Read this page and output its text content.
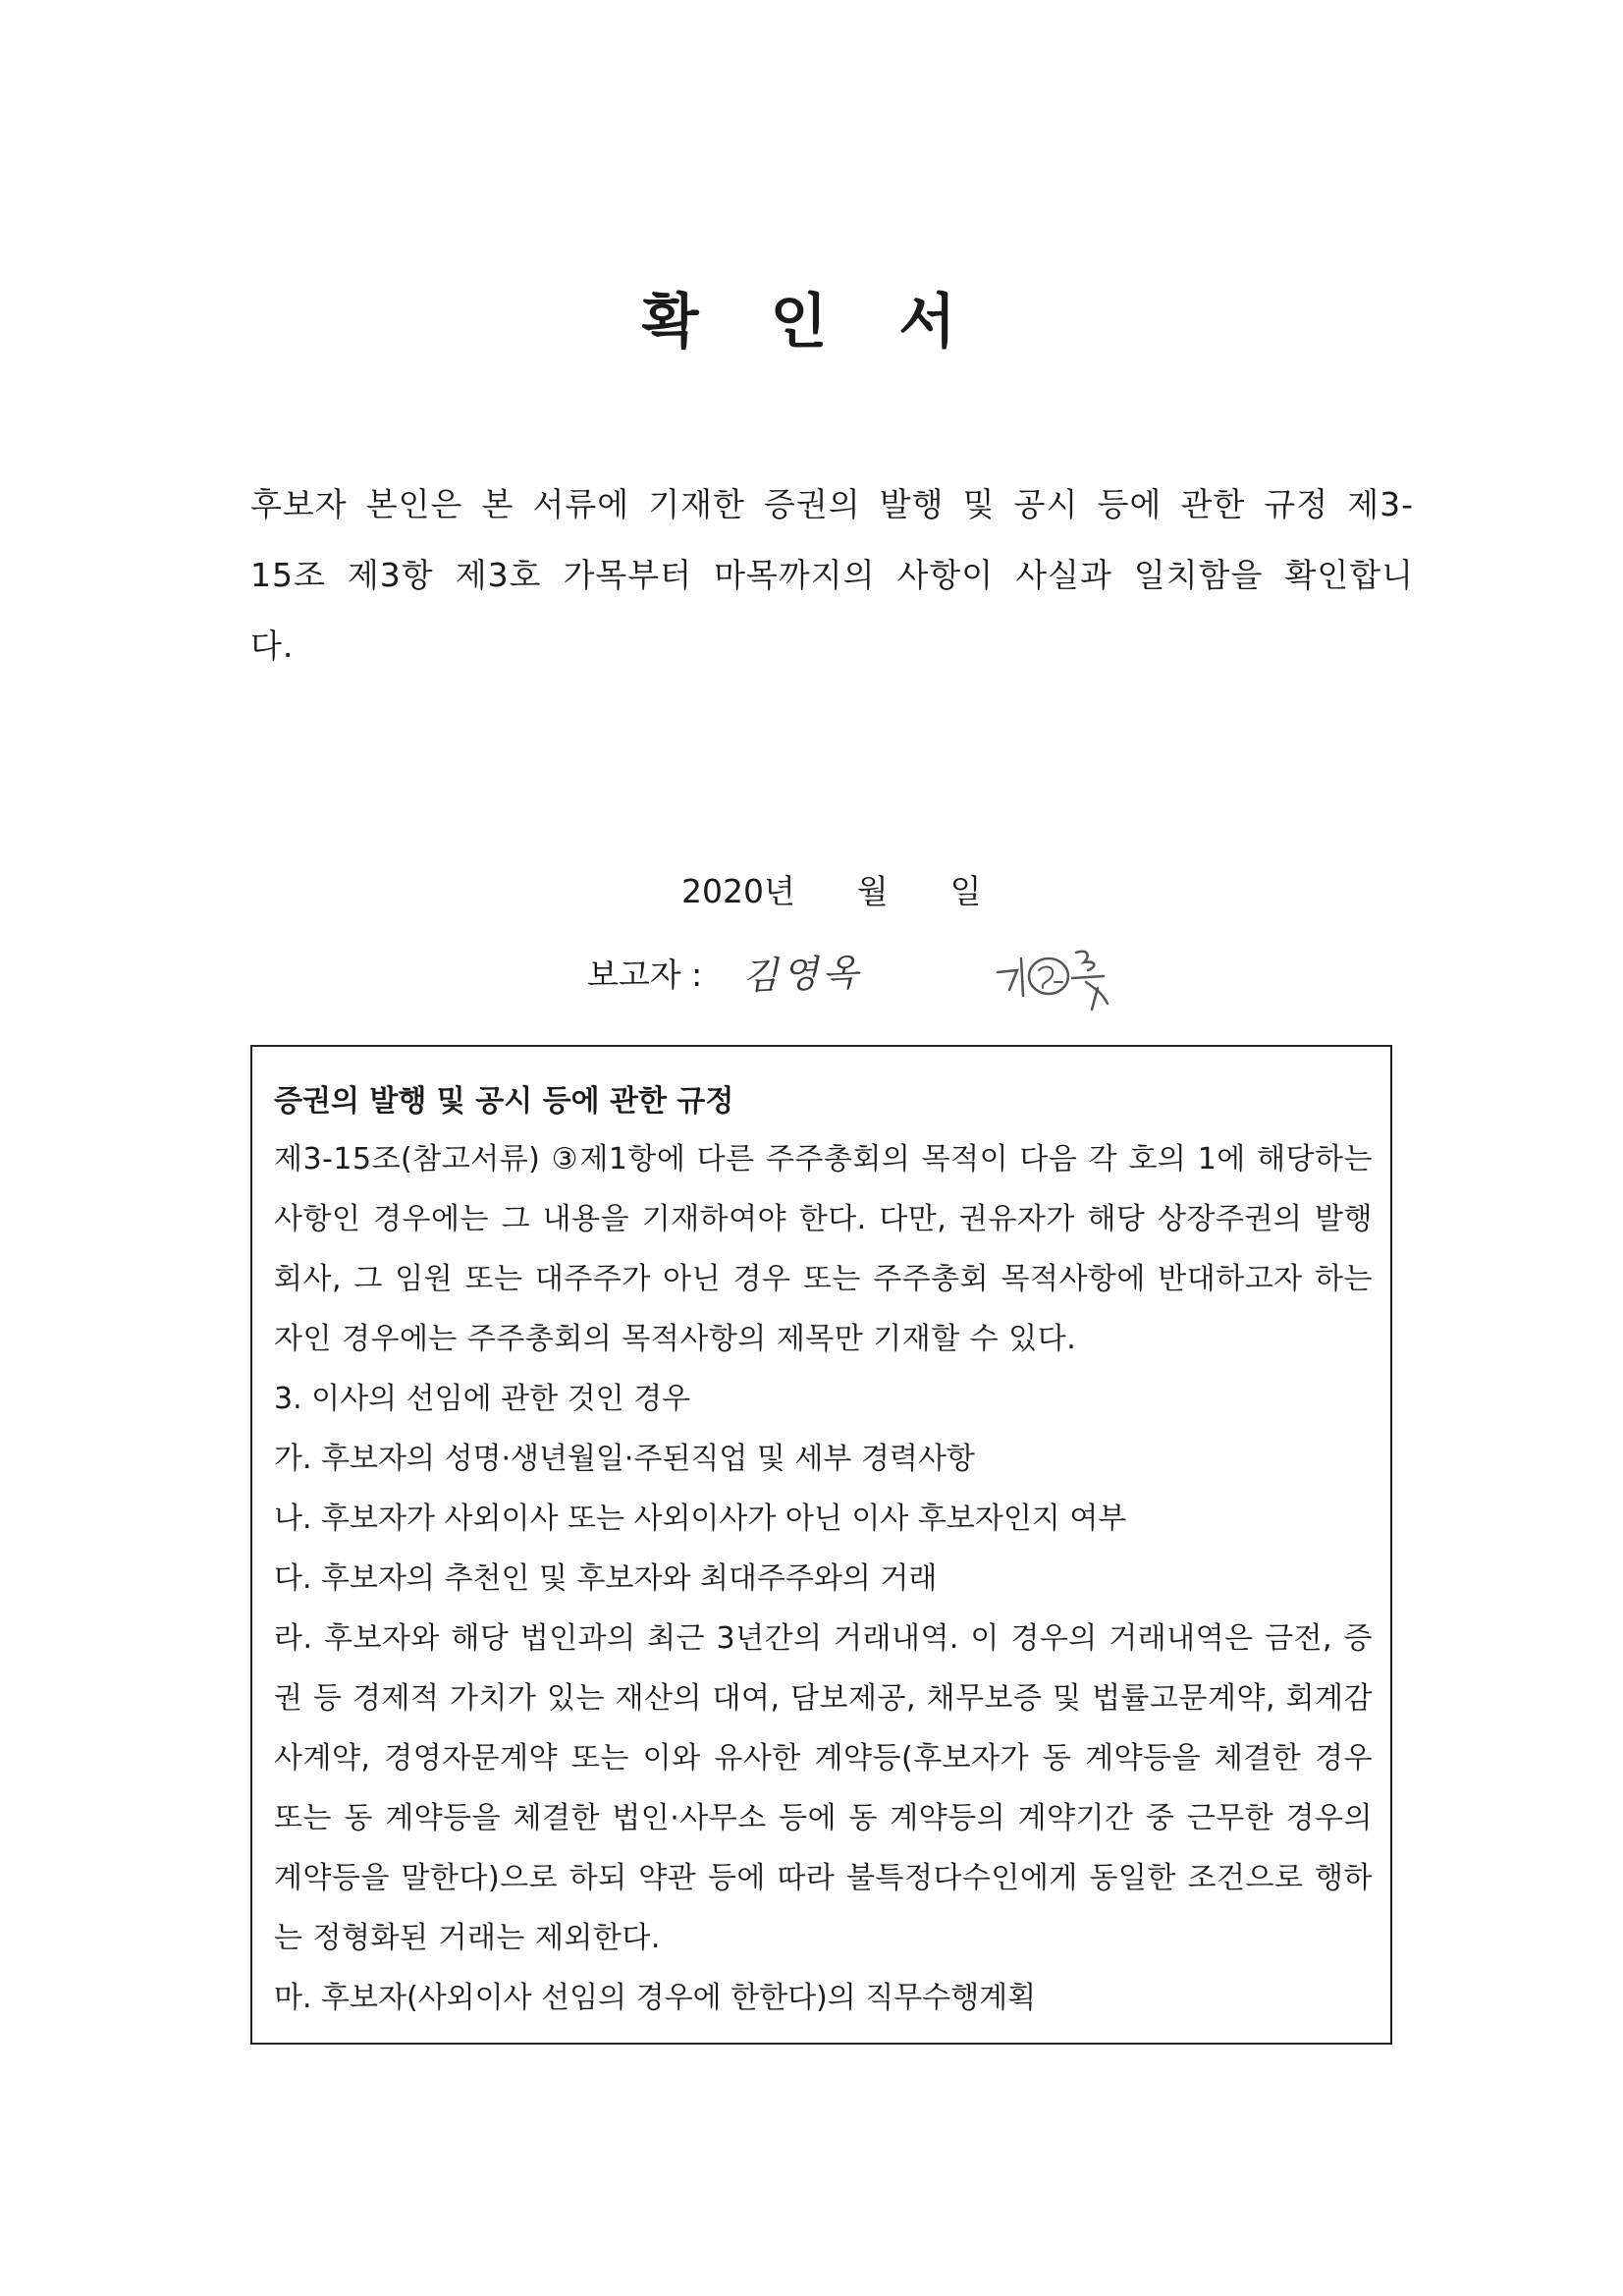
확 인 서

후보자 본인은 본 서류에 기재한 증권의 발행 및 공시 등에 관한 규정 제3-15조 제3항 제3호 가목부터 마목까지의 사항이 사실과 일치함을 확인합니다.

2020년      월      일

보고자 : 김영옥

증권의 발행 및 공시 등에 관한 규정

제3-15조(참고서류) ③제1항에 다른 주주총회의 목적이 다음 각 호의 1에 해당하는 사항인 경우에는 그 내용을 기재하여야 한다. 다만, 권유자가 해당 상장주권의 발행회사, 그 임원 또는 대주주가 아닌 경우 또는 주주총회 목적사항에 반대하고자 하는 자인 경우에는 주주총회의 목적사항의 제목만 기재할 수 있다.

3. 이사의 선임에 관한 것인 경우

가. 후보자의 성명·생년월일·주된직업 및 세부 경력사항

나. 후보자가 사외이사 또는 사외이사가 아닌 이사 후보자인지 여부

다. 후보자의 추천인 및 후보자와 최대주주와의 거래

라. 후보자와 해당 법인과의 최근 3년간의 거래내역. 이 경우의 거래내역은 금전, 증권 등 경제적 가치가 있는 재산의 대여, 담보제공, 채무보증 및 법률고문계약, 회계감사계약, 경영자문계약 또는 이와 유사한 계약등(후보자가 동 계약등을 체결한 경우 또는 동 계약등을 체결한 법인·사무소 등에 동 계약등의 계약기간 중 근무한 경우의 계약등을 말한다)으로 하되 약관 등에 따라 불특정다수인에게 동일한 조건으로 행하는 정형화된 거래는 제외한다.

마. 후보자(사외이사 선임의 경우에 한한다)의 직무수행계획
